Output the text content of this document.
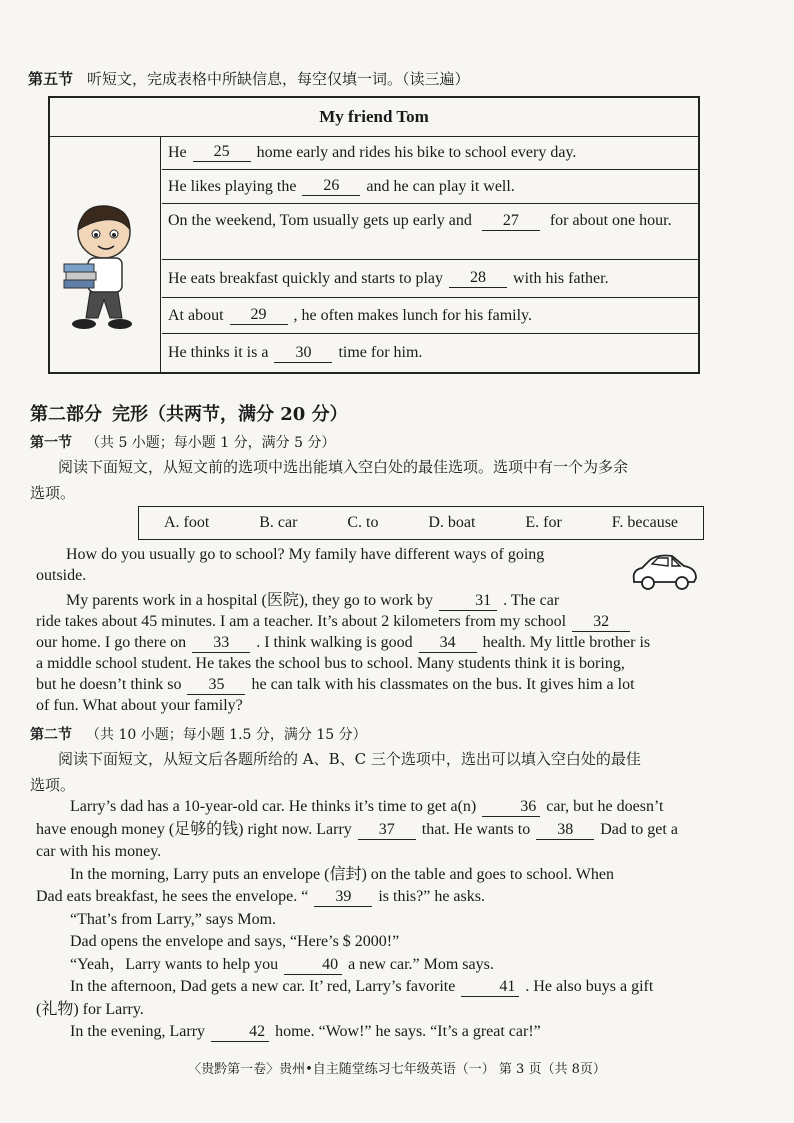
第五节 听短文，完成表格中所缺信息，每空仅填一词。（读三遍）
My friend Tom
He	25	home early and rides his bike to school every day.
He likes playing the	26	and he can play it well.
On the weekend, Tom usually gets up early and 27 for about one hour.
He eats breakfast quickly and starts to play	28	with his father.
At about	29	, he often makes lunch for his family.
He thinks it is a	30	time for him.
第二部分 完形（共两节，满分 20 分）
第一节 （共 5 小题；每小题 1 分，满分 5 分）
阅读下面短文，从短文前的选项中选出能填入空白处的最佳选项。选项中有一个为多余
选项。
A. foot	B. car	C. to	D. boat	E. for	F. because
How do you usually go to school? My family have different ways of going
outside.
My parents work in a hospital (医院), they go to work by	31 . The car
ride takes about 45 minutes. I am a teacher. It’s about 2 kilometers from my school 32
our home. I go there on 33 . I think walking is good 34 health. My little brother is
a middle school student. He takes the school bus to school. Many students think it is boring,
but he doesn’t think so 35 he can talk with his classmates on the bus. It gives him a lot
of fun. What about your family?
第二节 （共 10 小题；每小题 1.5 分，满分 15 分）
阅读下面短文，从短文后各题所给的 A、B、C 三个选项中，选出可以填入空白处的最佳
选项。
Larry’s dad has a 10-year-old car. He thinks it’s time to get a(n)	36 car, but he doesn’t
have enough money (足够的钱) right now. Larry 37 that. He wants to 38 Dad to get a
car with his money.
In the morning, Larry puts an envelope (信封) on the table and goes to school. When
Dad eats breakfast, he sees the envelope. “ 39 is this?” he asks.
“That’s from Larry,” says Mom.
Dad opens the envelope and says, “Here’s $ 2000!”
“Yeah，Larry wants to help you	40 a new car.” Mom says.
In the afternoon, Dad gets a new car. It’ red, Larry’s favorite	41 . He also buys a gift
(礼物) for Larry.
In the evening, Larry	42 home. “Wow!” he says. “It’s a great car!”
〈贵黔第一卷〉贵州•自主随堂练习七年级英语（一） 第 3 页（共 8页）
